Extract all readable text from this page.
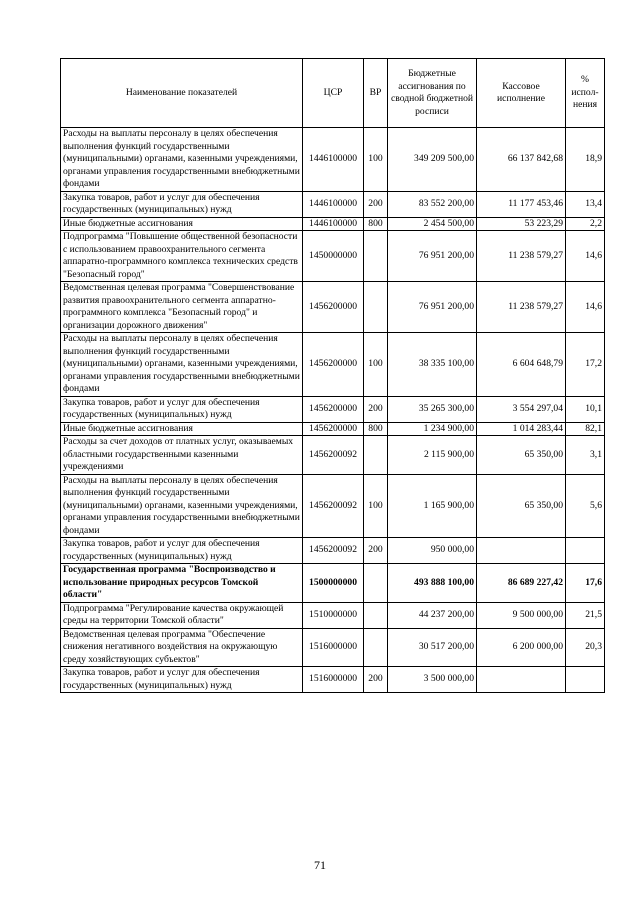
Наименование показателей	ЦСР	ВР	Бюджетные ассигнования по сводной бюджетной росписи	Кассовое исполнение	% испол-нения
Расходы на выплаты персоналу в целях обеспечения выполнения функций государственными (муниципальными) органами, казенными учреждениями, органами управления государственными внебюджетными фондами	1446100000	100	349 209 500,00	66 137 842,68	18,9
Закупка товаров, работ и услуг для обеспечения государственных (муниципальных) нужд	1446100000	200	83 552 200,00	11 177 453,46	13,4
Иные бюджетные ассигнования	1446100000	800	2 454 500,00	53 223,29	2,2
Подпрограмма "Повышение общественной безопасности с использованием правоохранительного сегмента аппаратно-программного комплекса технических средств "Безопасный город"	1450000000		76 951 200,00	11 238 579,27	14,6
Ведомственная целевая программа "Совершенствование развития правоохранительного сегмента аппаратно-программного комплекса "Безопасный город" и организации дорожного движения"	1456200000		76 951 200,00	11 238 579,27	14,6
Расходы на выплаты персоналу в целях обеспечения выполнения функций государственными (муниципальными) органами, казенными учреждениями, органами управления государственными внебюджетными фондами	1456200000	100	38 335 100,00	6 604 648,79	17,2
Закупка товаров, работ и услуг для обеспечения государственных (муниципальных) нужд	1456200000	200	35 265 300,00	3 554 297,04	10,1
Иные бюджетные ассигнования	1456200000	800	1 234 900,00	1 014 283,44	82,1
Расходы за счет доходов от платных услуг, оказываемых областными государственными казенными учреждениями	1456200092		2 115 900,00	65 350,00	3,1
Расходы на выплаты персоналу в целях обеспечения выполнения функций государственными (муниципальными) органами, казенными учреждениями, органами управления государственными внебюджетными фондами	1456200092	100	1 165 900,00	65 350,00	5,6
Закупка товаров, работ и услуг для обеспечения государственных (муниципальных) нужд	1456200092	200	950 000,00		
Государственная программа "Воспроизводство и использование природных ресурсов Томской области"	1500000000		493 888 100,00	86 689 227,42	17,6
Подпрограмма "Регулирование качества окружающей среды на территории Томской области"	1510000000		44 237 200,00	9 500 000,00	21,5
Ведомственная целевая программа "Обеспечение снижения негативного воздействия на окружающую среду хозяйствующих субъектов"	1516000000		30 517 200,00	6 200 000,00	20,3
Закупка товаров, работ и услуг для обеспечения государственных (муниципальных) нужд	1516000000	200	3 500 000,00		
71
